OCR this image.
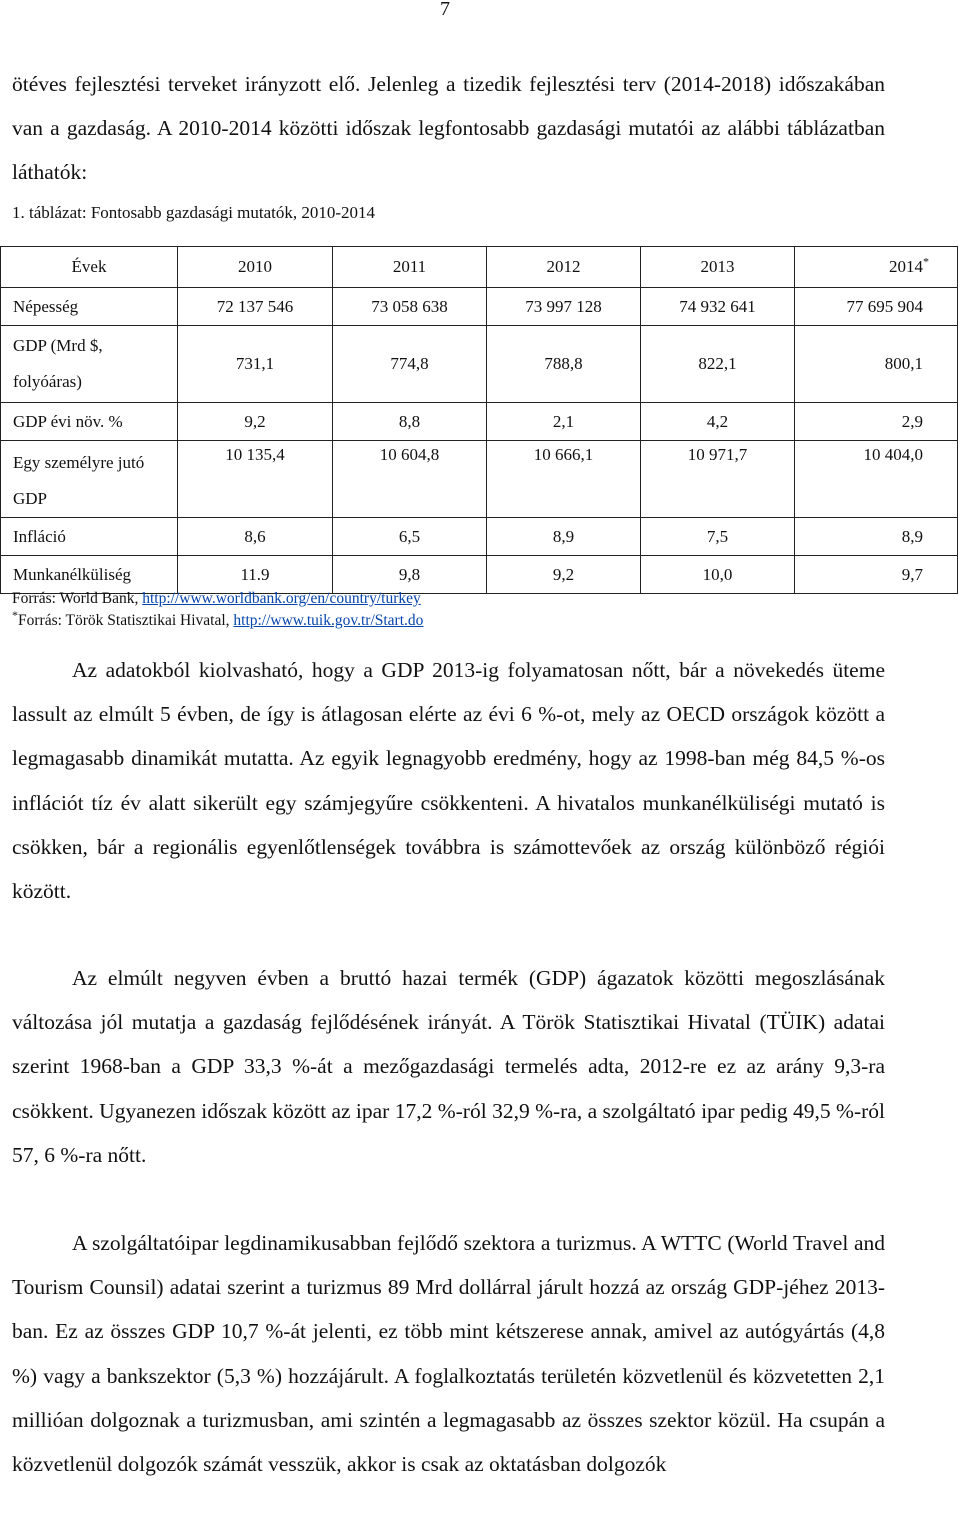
7

ötéves fejlesztési terveket irányzott elő. Jelenleg a tizedik fejlesztési terv (2014-2018) időszakában van a gazdaság. A 2010-2014 közötti időszak legfontosabb gazdasági mutatói az alábbi táblázatban láthatók:

1. táblázat: Fontosabb gazdasági mutatók, 2010-2014
Évek	2010	2011	2012	2013	2014*
Népesség	72 137 546	73 058 638	73 997 128	74 932 641	77 695 904
GDP (Mrd $, folyóáras)	731,1	774,8	788,8	822,1	800,1
GDP évi növ. %	9,2	8,8	2,1	4,2	2,9
Egy személyre jutó GDP	10 135,4	10 604,8	10 666,1	10 971,7	10 404,0
Infláció	8,6	6,5	8,9	7,5	8,9
Munkanélküliség	11.9	9,8	9,2	10,0	9,7
Forrás: World Bank, http://www.worldbank.org/en/country/turkey
*Forrás: Török Statisztikai Hivatal, http://www.tuik.gov.tr/Start.do

Az adatokból kiolvasható, hogy a GDP 2013-ig folyamatosan nőtt, bár a növekedés üteme lassult az elmúlt 5 évben, de így is átlagosan elérte az évi 6 %-ot, mely az OECD országok között a legmagasabb dinamikát mutatta. Az egyik legnagyobb eredmény, hogy az 1998-ban még 84,5 %-os inflációt tíz év alatt sikerült egy számjegyűre csökkenteni. A hivatalos munkanélküliségi mutató is csökken, bár a regionális egyenlőtlenségek továbbra is számottevőek az ország különböző régiói között.

Az elmúlt negyven évben a bruttó hazai termék (GDP) ágazatok közötti megoszlásának változása jól mutatja a gazdaság fejlődésének irányát. A Török Statisztikai Hivatal (TÜIK) adatai szerint 1968-ban a GDP 33,3 %-át a mezőgazdasági termelés adta, 2012-re ez az arány 9,3-ra csökkent. Ugyanezen időszak között az ipar 17,2 %-ról 32,9 %-ra, a szolgáltató ipar pedig 49,5 %-ról 57, 6 %-ra nőtt.

A szolgáltatóipar legdinamikusabban fejlődő szektora a turizmus. A WTTC (World Travel and Tourism Counsil) adatai szerint a turizmus 89 Mrd dollárral járult hozzá az ország GDP-jéhez 2013-ban. Ez az összes GDP 10,7 %-át jelenti, ez több mint kétszerese annak, amivel az autógyártás (4,8 %) vagy a bankszektor (5,3 %) hozzájárult. A foglalkoztatás területén közvetlenül és közvetetten 2,1 millióan dolgoznak a turizmusban, ami szintén a legmagasabb az összes szektor közül. Ha csupán a közvetlenül dolgozók számát vesszük, akkor is csak az oktatásban dolgozók
